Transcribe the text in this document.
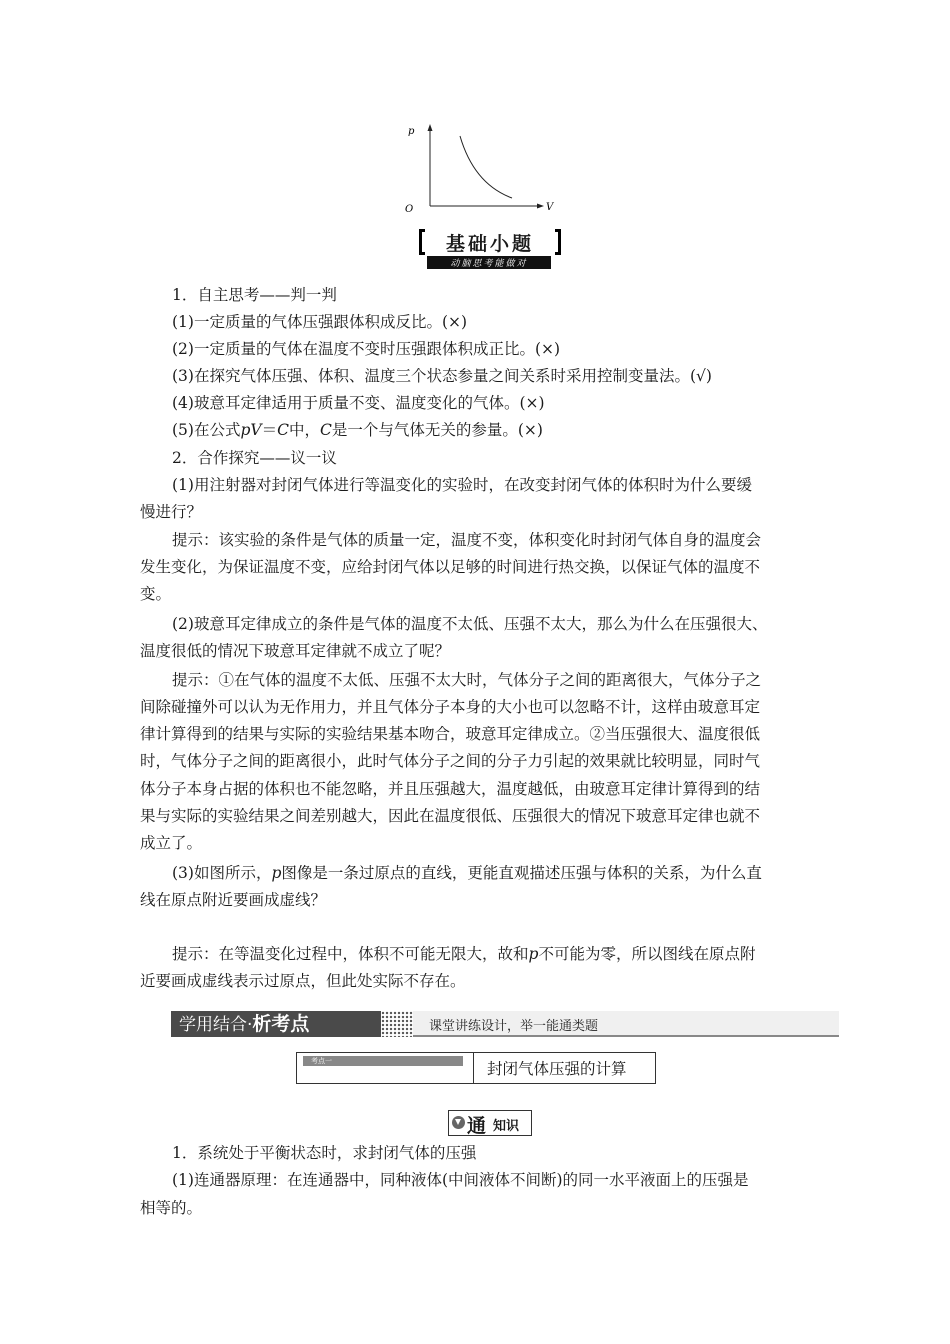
p
V
O
基础小题
动脑思考能做对
1．自主思考——判一判
(1)一定质量的气体压强跟体积成反比。(×)
(2)一定质量的气体在温度不变时压强跟体积成正比。(×)
(3)在探究气体压强、体积、温度三个状态参量之间关系时采用控制变量法。(√)
(4)玻意耳定律适用于质量不变、温度变化的气体。(×)
(5)在公式pV＝C中，C是一个与气体无关的参量。(×)
2．合作探究——议一议
(1)用注射器对封闭气体进行等温变化的实验时，在改变封闭气体的体积时为什么要缓
慢进行？
提示：该实验的条件是气体的质量一定，温度不变，体积变化时封闭气体自身的温度会
发生变化，为保证温度不变，应给封闭气体以足够的时间进行热交换，以保证气体的温度不
变。
(2)玻意耳定律成立的条件是气体的温度不太低、压强不太大，那么为什么在压强很大、
温度很低的情况下玻意耳定律就不成立了呢？
提示：①在气体的温度不太低、压强不太大时，气体分子之间的距离很大，气体分子之
间除碰撞外可以认为无作用力，并且气体分子本身的大小也可以忽略不计，这样由玻意耳定
律计算得到的结果与实际的实验结果基本吻合，玻意耳定律成立。②当压强很大、温度很低
时，气体分子之间的距离很小，此时气体分子之间的分子力引起的效果就比较明显，同时气
体分子本身占据的体积也不能忽略，并且压强越大，温度越低，由玻意耳定律计算得到的结
果与实际的实验结果之间差别越大，因此在温度很低、压强很大的情况下玻意耳定律也就不
成立了。
(3)如图所示，p图像是一条过原点的直线，更能直观描述压强与体积的关系，为什么直
线在原点附近要画成虚线？
提示：在等温变化过程中，体积不可能无限大，故和p不可能为零，所以图线在原点附
近要画成虚线表示过原点，但此处实际不存在。
学用结合·析考点	课堂讲练设计，举一能通类题
考点一	封闭气体压强的计算
通 知识
1．系统处于平衡状态时，求封闭气体的压强
(1)连通器原理：在连通器中，同种液体(中间液体不间断)的同一水平液面上的压强是
相等的。
